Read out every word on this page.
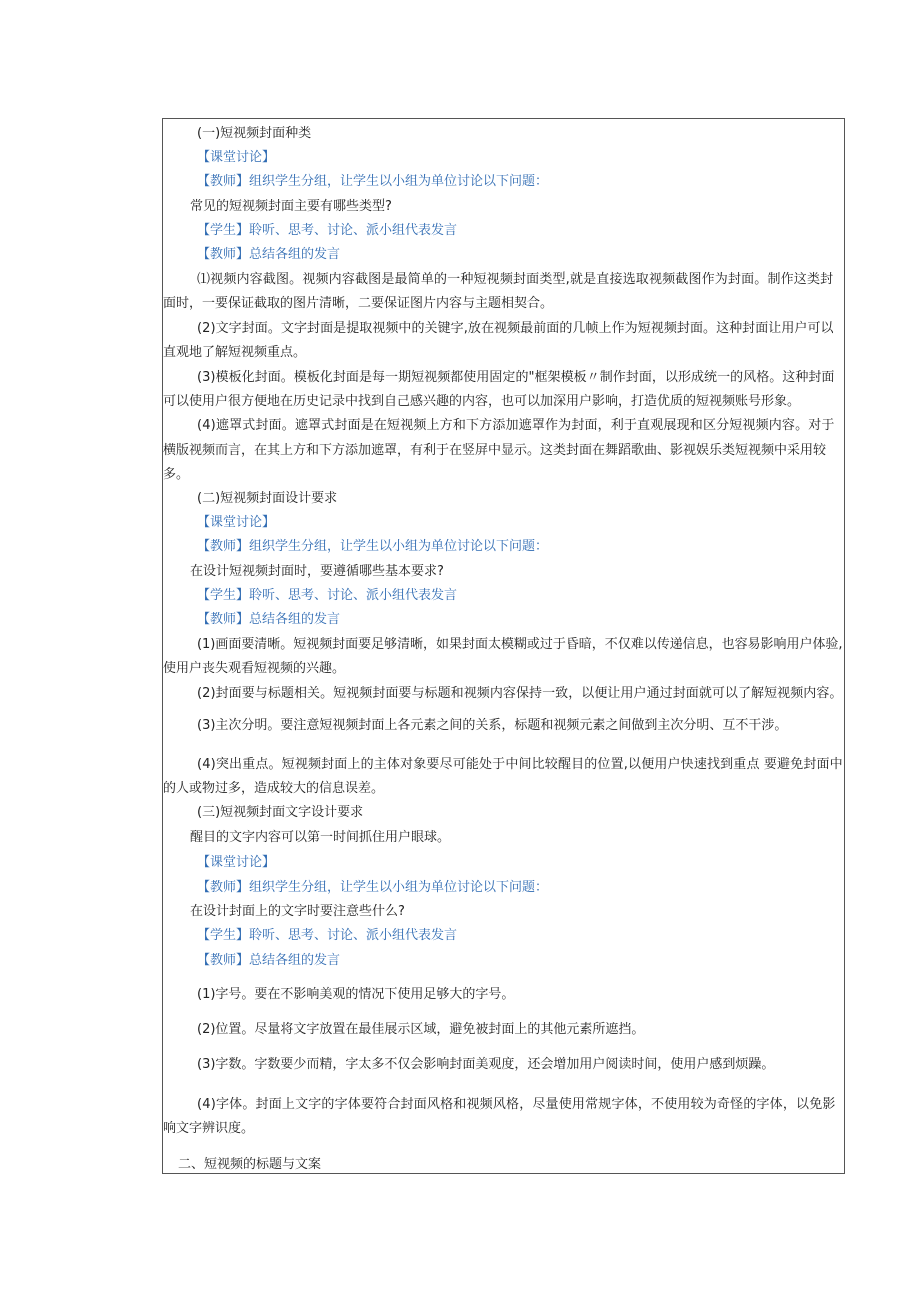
(一)短视频封面种类
【课堂讨论】
【教师】组织学生分组，让学生以小组为单位讨论以下问题：
常见的短视频封面主要有哪些类型?
【学生】聆听、思考、讨论、派小组代表发言
【教师】总结各组的发言
⑴视频内容截图。视频内容截图是最简单的一种短视频封面类型,就是直接选取视频截图作为封面。制作这类封
面时，一要保证截取的图片清晰，二要保证图片内容与主题相契合。
(2)文字封面。文字封面是提取视频中的关键字,放在视频最前面的几帧上作为短视频封面。这种封面让用户可以
直观地了解短视频重点。
(3)模板化封面。模板化封面是每一期短视频都使用固定的"框架模板〃制作封面，以形成统一的风格。这种封面
可以使用户很方便地在历史记录中找到自己感兴趣的内容，也可以加深用户影响，打造优质的短视频账号形象。
(4)遮罩式封面。遮罩式封面是在短视频上方和下方添加遮罩作为封面，利于直观展现和区分短视频内容。对于
横版视频而言，在其上方和下方添加遮罩，有利于在竖屏中显示。这类封面在舞蹈歌曲、影视娱乐类短视频中采用较
多。
(二)短视频封面设计要求
【课堂讨论】
【教师】组织学生分组，让学生以小组为单位讨论以下问题：
在设计短视频封面时，要遵循哪些基本要求?
【学生】聆听、思考、讨论、派小组代表发言
【教师】总结各组的发言
(1)画面要清晰。短视频封面要足够清晰，如果封面太模糊或过于昏暗，不仅难以传递信息，也容易影响用户体验,
使用户丧失观看短视频的兴趣。
(2)封面要与标题相关。短视频封面要与标题和视频内容保持一致，以便让用户通过封面就可以了解短视频内容。
(3)主次分明。要注意短视频封面上各元素之间的关系，标题和视频元素之间做到主次分明、互不干涉。
(4)突出重点。短视频封面上的主体对象要尽可能处于中间比较醒目的位置,以便用户快速找到重点 要避免封面中
的人或物过多，造成较大的信息误差。
(三)短视频封面文字设计要求
醒目的文字内容可以第一时间抓住用户眼球。
【课堂讨论】
【教师】组织学生分组，让学生以小组为单位讨论以下问题：
在设计封面上的文字时要注意些什么?
【学生】聆听、思考、讨论、派小组代表发言
【教师】总结各组的发言
(1)字号。要在不影响美观的情况下使用足够大的字号。
(2)位置。尽量将文字放置在最佳展示区域，避免被封面上的其他元素所遮挡。
(3)字数。字数要少而精，字太多不仅会影响封面美观度，还会增加用户阅读时间，使用户感到烦躁。
(4)字体。封面上文字的字体要符合封面风格和视频风格，尽量使用常规字体，不使用较为奇怪的字体，以免影
响文字辨识度。
二、短视频的标题与文案
